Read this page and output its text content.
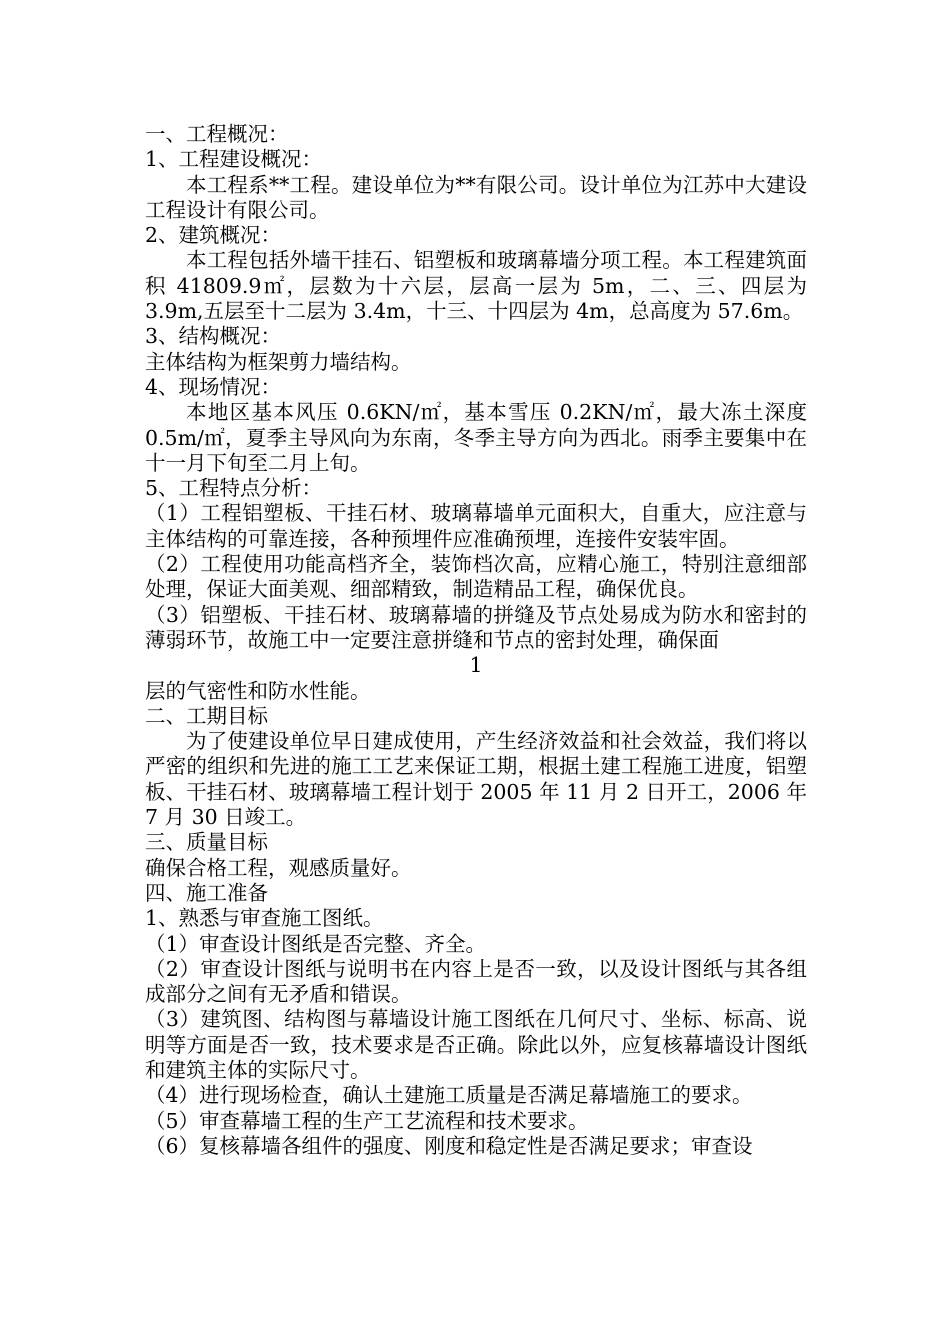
一、工程概况：
1、工程建设概况：
本工程系**工程。建设单位为**有限公司。设计单位为江苏中大建设工程设计有限公司。
2、建筑概况：
本工程包括外墙干挂石、铝塑板和玻璃幕墙分项工程。本工程建筑面积 41809.9㎡，层数为十六层，层高一层为 5m，二、三、四层为 3.9m,五层至十二层为 3.4m，十三、十四层为 4m，总高度为 57.6m。
3、结构概况：
主体结构为框架剪力墙结构。
4、现场情况：
本地区基本风压 0.6KN/㎡，基本雪压 0.2KN/㎡，最大冻土深度 0.5m/㎡，夏季主导风向为东南，冬季主导方向为西北。雨季主要集中在十一月下旬至二月上旬。
5、工程特点分析：
（1）工程铝塑板、干挂石材、玻璃幕墙单元面积大，自重大，应注意与主体结构的可靠连接，各种预埋件应准确预埋，连接件安装牢固。
（2）工程使用功能高档齐全，装饰档次高，应精心施工，特别注意细部处理，保证大面美观、细部精致，制造精品工程，确保优良。
（3）铝塑板、干挂石材、玻璃幕墙的拼缝及节点处易成为防水和密封的薄弱环节，故施工中一定要注意拼缝和节点的密封处理，确保面
1
层的气密性和防水性能。
二、工期目标
为了使建设单位早日建成使用，产生经济效益和社会效益，我们将以严密的组织和先进的施工工艺来保证工期，根据土建工程施工进度，铝塑板、干挂石材、玻璃幕墙工程计划于 2005 年 11 月 2 日开工，2006 年 7 月 30 日竣工。
三、质量目标
确保合格工程，观感质量好。
四、施工准备
1、熟悉与审查施工图纸。
（1）审查设计图纸是否完整、齐全。
（2）审查设计图纸与说明书在内容上是否一致，以及设计图纸与其各组成部分之间有无矛盾和错误。
（3）建筑图、结构图与幕墙设计施工图纸在几何尺寸、坐标、标高、说明等方面是否一致，技术要求是否正确。除此以外，应复核幕墙设计图纸和建筑主体的实际尺寸。
（4）进行现场检查，确认土建施工质量是否满足幕墙施工的要求。
（5）审查幕墙工程的生产工艺流程和技术要求。
（6）复核幕墙各组件的强度、刚度和稳定性是否满足要求；审查设
